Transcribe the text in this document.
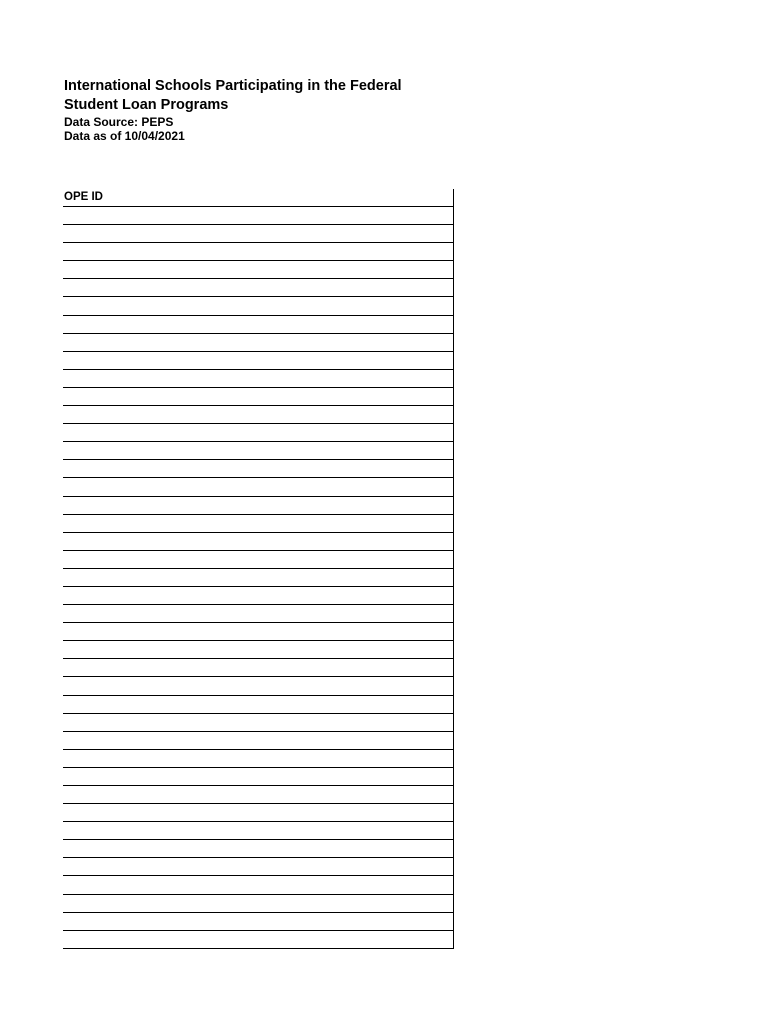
International Schools Participating in the Federal

Student Loan Programs

Data Source: PEPS

Data as of 10/04/2021

OPE ID
